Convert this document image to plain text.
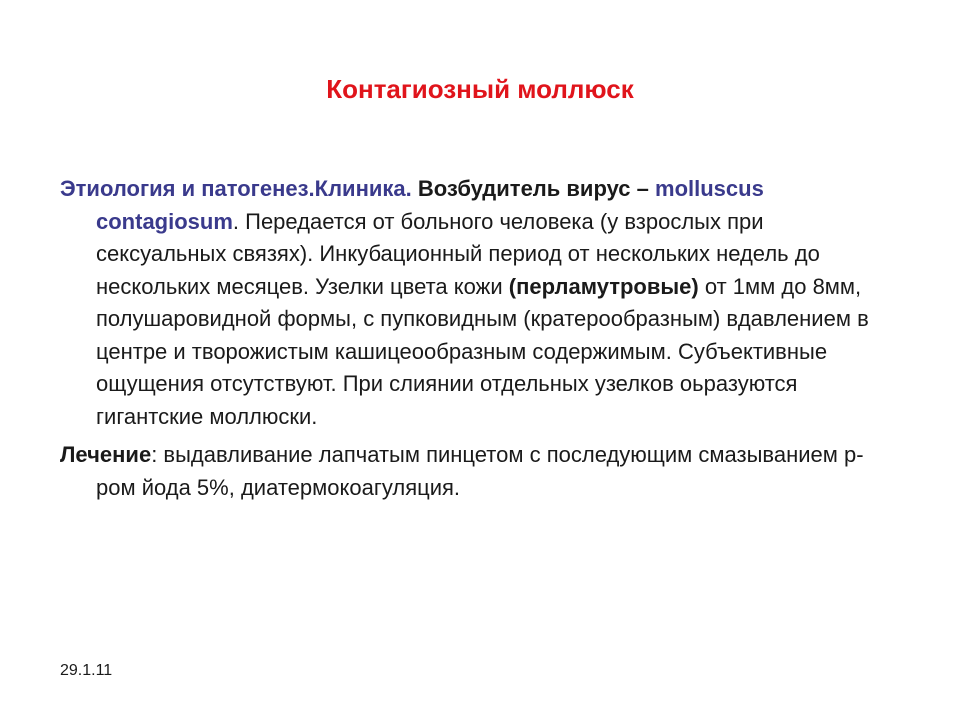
Контагиозный моллюск

Этиология и патогенез.Клиника. Возбудитель вирус – molluscus contagiosum. Передается от больного человека (у взрослых при сексуальных связях). Инкубационный период от нескольких недель до нескольких месяцев. Узелки цвета кожи (перламутровые) от 1мм до 8мм, полушаровидной формы, с пупковидным (кратерообразным) вдавлением в центре и творожистым кашицеообразным содержимым. Субъективные ощущения отсутствуют. При слиянии отдельных узелков оьразуются гигантские моллюски.

Лечение: выдавливание лапчатым пинцетом с последующим смазыванием р-ром йода 5%, диатермокоагуляция.

29.1.11
